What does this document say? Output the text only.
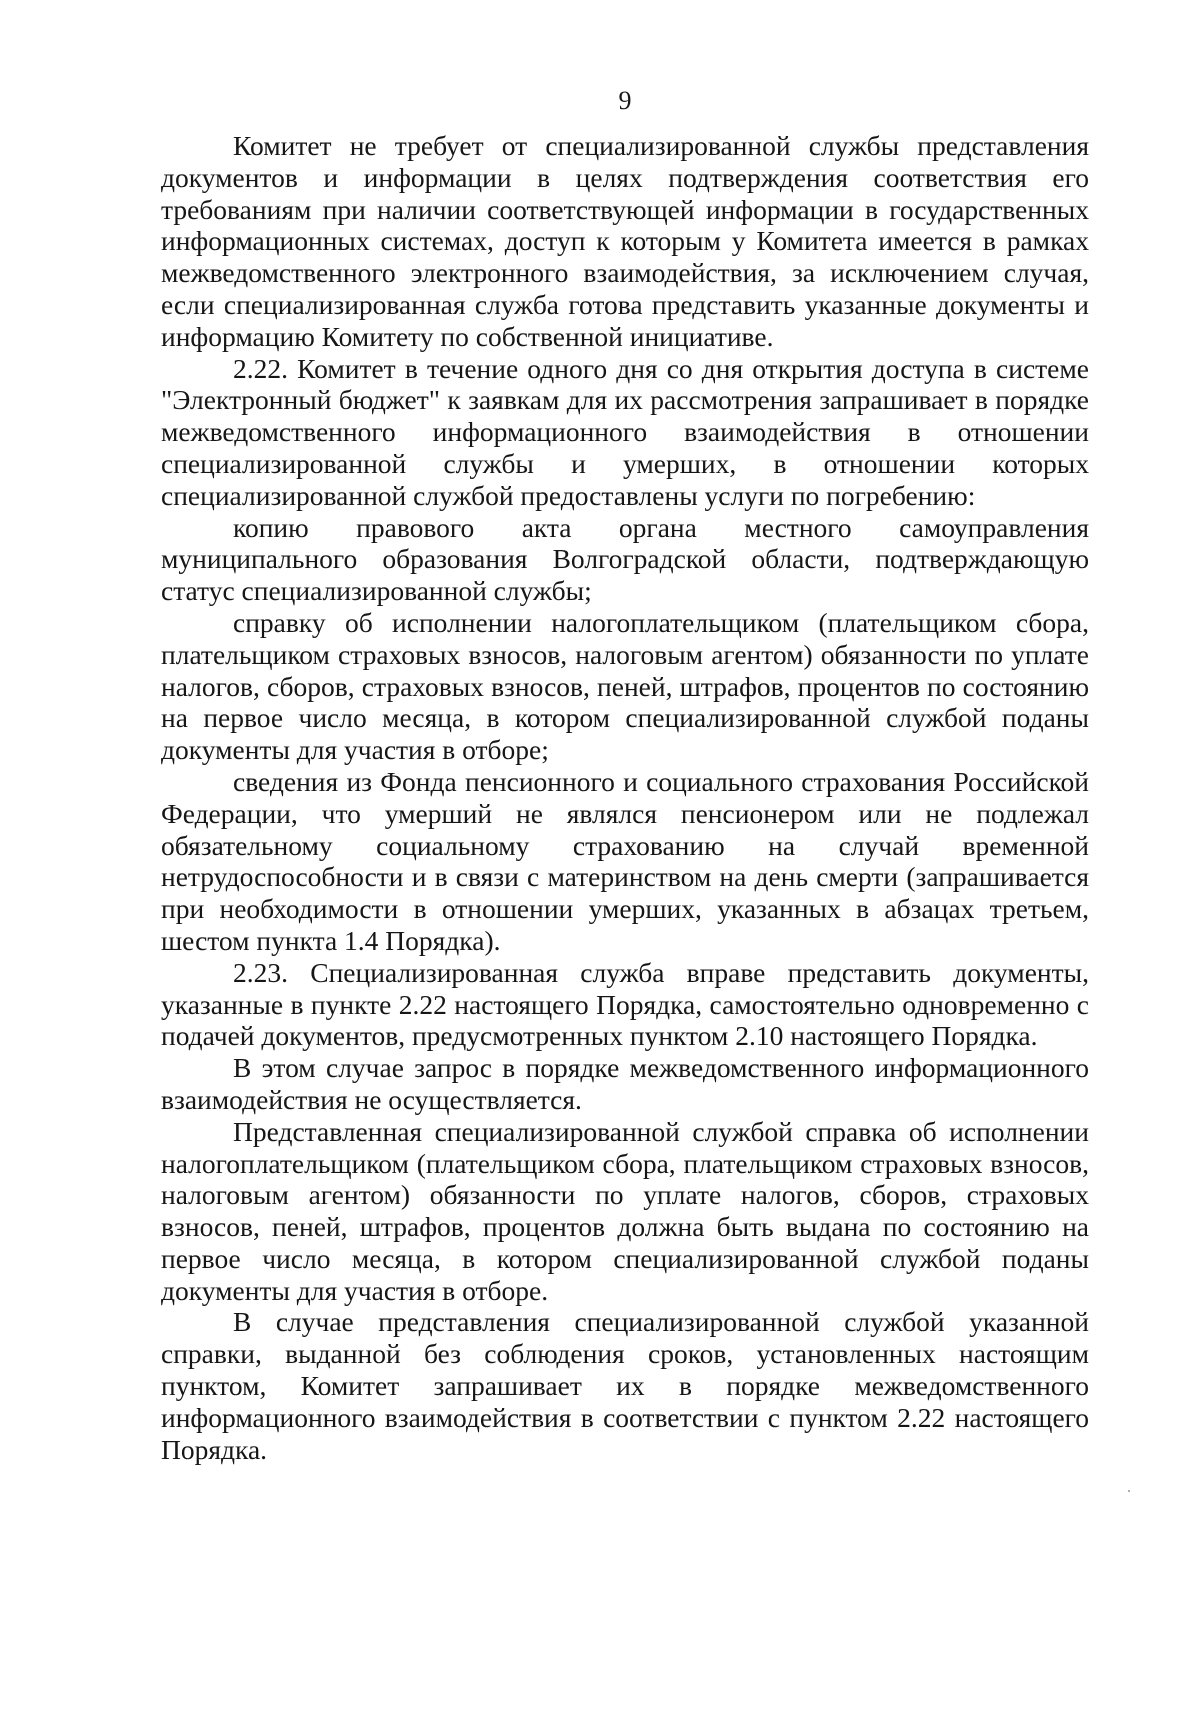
9

Комитет не требует от специализированной службы представления документов и информации в целях подтверждения соответствия его требованиям при наличии соответствующей информации в государственных информационных системах, доступ к которым у Комитета имеется в рамках межведомственного электронного взаимодействия, за исключением случая, если специализированная служба готова представить указанные документы и информацию Комитету по собственной инициативе.

2.22. Комитет в течение одного дня со дня открытия доступа в системе "Электронный бюджет" к заявкам для их рассмотрения запрашивает в порядке межведомственного информационного взаимодействия в отношении специализированной службы и умерших, в отношении которых специализированной службой предоставлены услуги по погребению:

копию правового акта органа местного самоуправления муниципального образования Волгоградской области, подтверждающую статус специализированной службы;

справку об исполнении налогоплательщиком (плательщиком сбора, плательщиком страховых взносов, налоговым агентом) обязанности по уплате налогов, сборов, страховых взносов, пеней, штрафов, процентов по состоянию на первое число месяца, в котором специализированной службой поданы документы для участия в отборе;

сведения из Фонда пенсионного и социального страхования Российской Федерации, что умерший не являлся пенсионером или не подлежал обязательному социальному страхованию на случай временной нетрудоспособности и в связи с материнством на день смерти (запрашивается при необходимости в отношении умерших, указанных в абзацах третьем, шестом пункта 1.4 Порядка).

2.23. Специализированная служба вправе представить документы, указанные в пункте 2.22 настоящего Порядка, самостоятельно одновременно с подачей документов, предусмотренных пунктом 2.10 настоящего Порядка.

В этом случае запрос в порядке межведомственного информационного взаимодействия не осуществляется.

Представленная специализированной службой справка об исполнении налогоплательщиком (плательщиком сбора, плательщиком страховых взносов, налоговым агентом) обязанности по уплате налогов, сборов, страховых взносов, пеней, штрафов, процентов должна быть выдана по состоянию на первое число месяца, в котором специализированной службой поданы документы для участия в отборе.

В случае представления специализированной службой указанной справки, выданной без соблюдения сроков, установленных настоящим пунктом, Комитет запрашивает их в порядке межведомственного информационного взаимодействия в соответствии с пунктом 2.22 настоящего Порядка.
